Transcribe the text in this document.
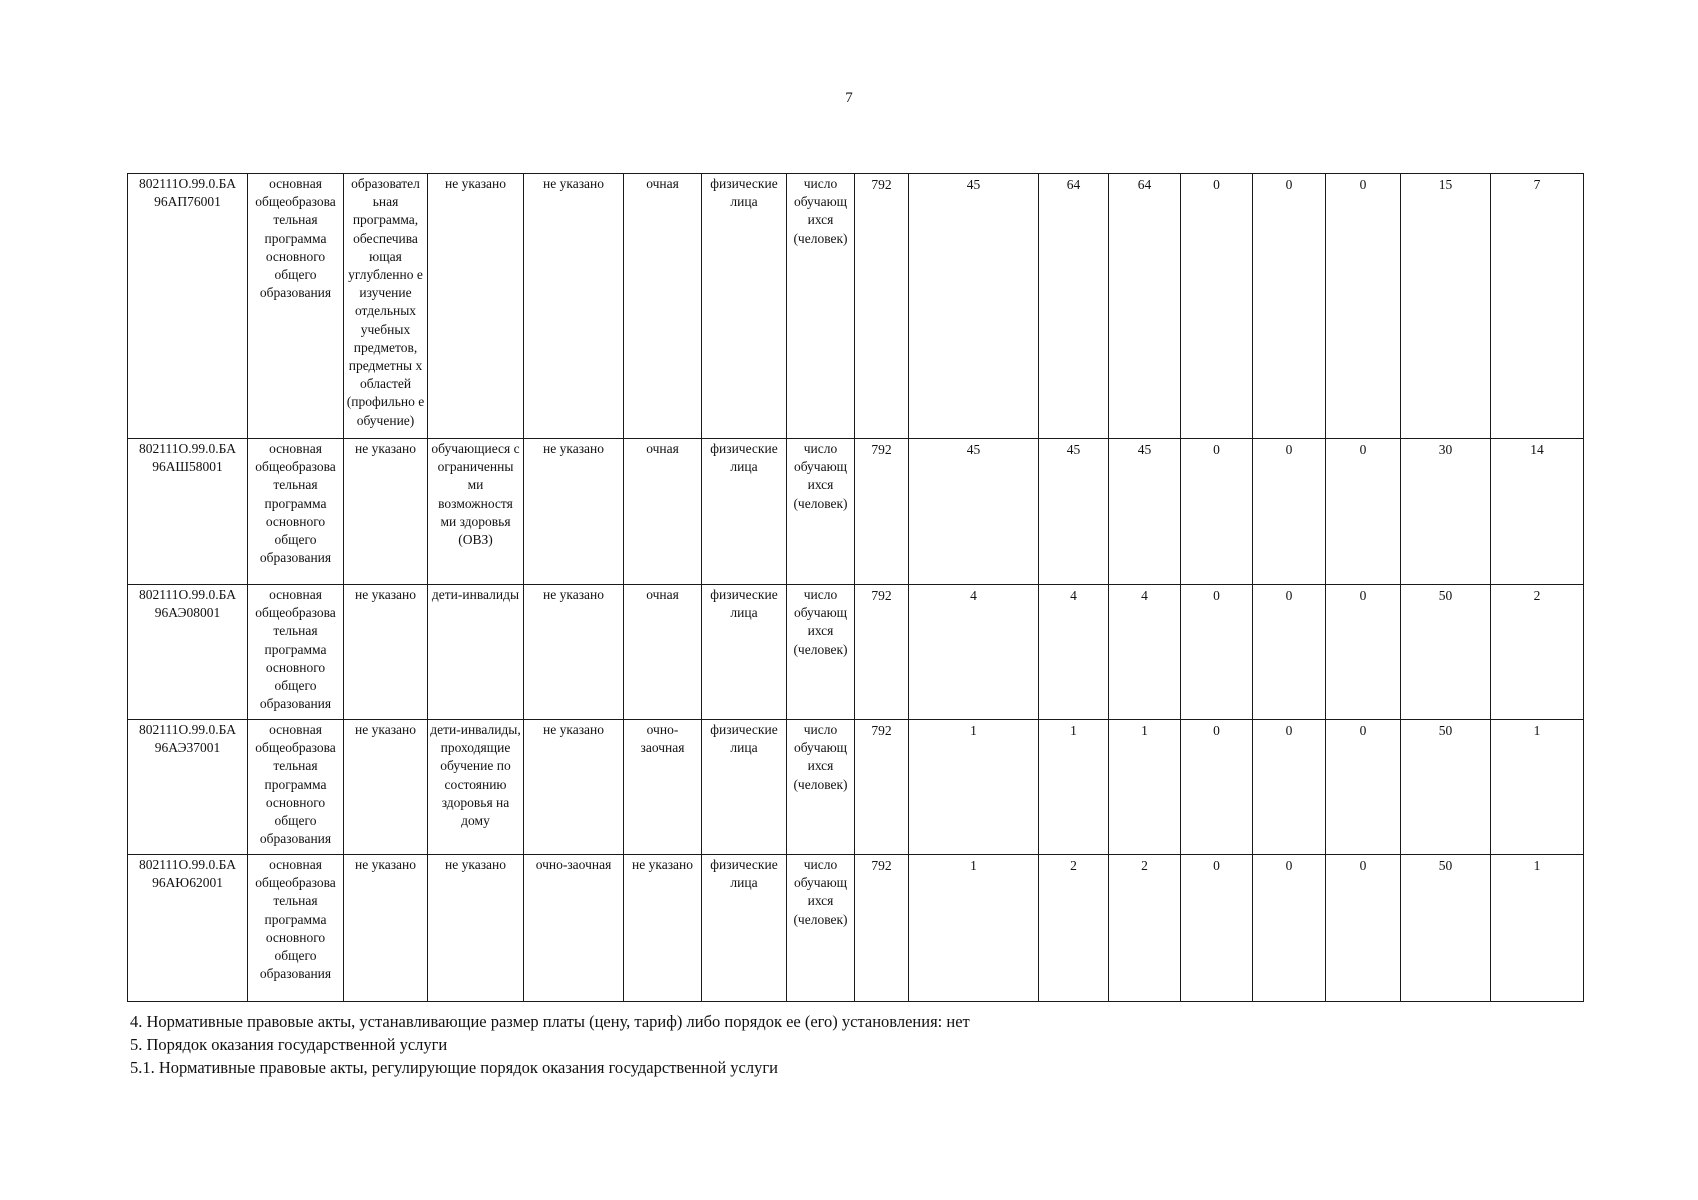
7
802111О.99.0.БА 96АП76001	основная общеобразова тельная программа основного общего образования	образовател ьная программа, обеспечива ющая углубленно е изучение отдельных учебных предметов, предметны х областей (профильно е обучение)	не указано	не указано	очная	физические лица	число обучающ ихся (человек)	792	45	64	64	0	0	0	15	7
802111О.99.0.БА 96АШ58001	основная общеобразова тельная программа основного общего образования	не указано	обучающиеся с ограниченны ми возможностя ми здоровья (ОВЗ)	не указано	очная	физические лица	число обучающ ихся (человек)	792	45	45	45	0	0	0	30	14
802111О.99.0.БА 96АЭ08001	основная общеобразова тельная программа основного общего образования	не указано	дети-инвалиды	не указано	очная	физические лица	число обучающ ихся (человек)	792	4	4	4	0	0	0	50	2
802111О.99.0.БА 96АЭ37001	основная общеобразова тельная программа основного общего образования	не указано	дети-инвалиды, проходящие обучение по состоянию здоровья на дому	не указано	очно-заочная	физические лица	число обучающ ихся (человек)	792	1	1	1	0	0	0	50	1
802111О.99.0.БА 96АЮ62001	основная общеобразова тельная программа основного общего образования	не указано	не указано	очно-заочная	не указано	физические лица	число обучающ ихся (человек)	792	1	2	2	0	0	0	50	1
4. Нормативные правовые акты, устанавливающие размер платы (цену, тариф) либо порядок ее (его) установления: нет
5. Порядок оказания государственной услуги
5.1. Нормативные правовые акты, регулирующие порядок оказания государственной услуги
